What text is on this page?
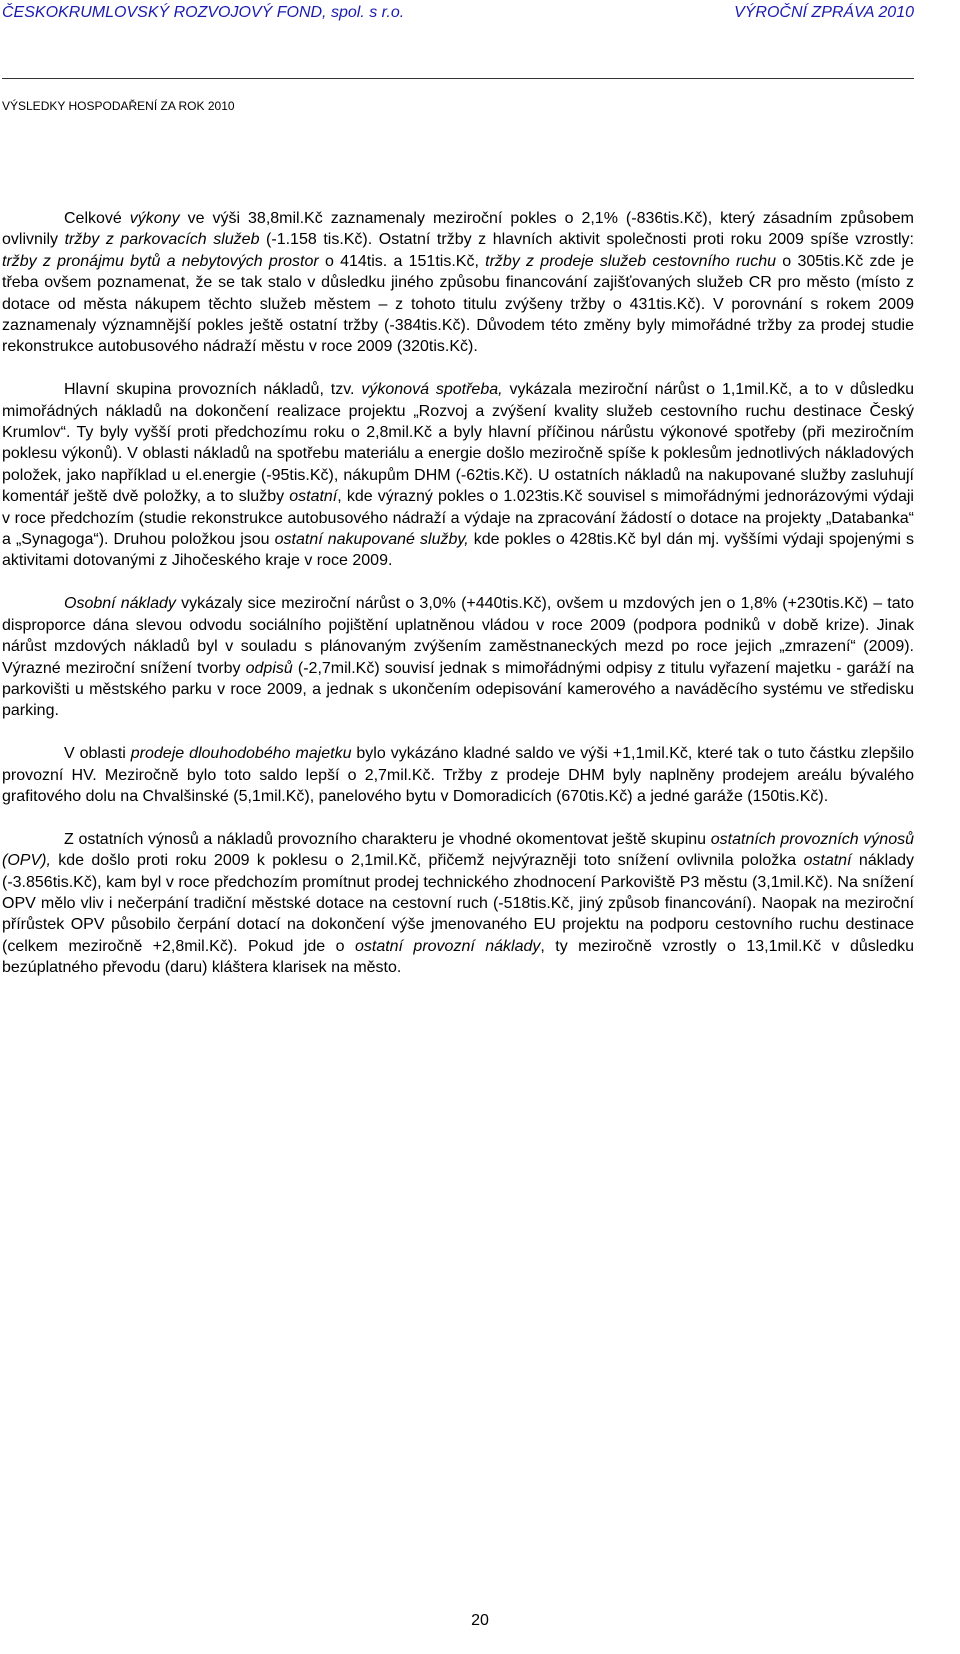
ČESKOKRUMLOVSKÝ ROZVOJOVÝ FOND, spol. s r.o.	VÝROČNÍ ZPRÁVA 2010
VÝSLEDKY HOSPODAŘENÍ ZA ROK 2010

Celkové výkony ve výši 38,8mil.Kč zaznamenaly meziroční pokles o 2,1% (-836tis.Kč), který zásadním způsobem ovlivnily tržby z parkovacích služeb (-1.158 tis.Kč). Ostatní tržby z hlavních aktivit společnosti proti roku 2009 spíše vzrostly: tržby z pronájmu bytů a nebytových prostor o 414tis. a 151tis.Kč, tržby z prodeje služeb cestovního ruchu o 305tis.Kč zde je třeba ovšem poznamenat, že se tak stalo v důsledku jiného způsobu financování zajišťovaných služeb CR pro město (místo z dotace od města nákupem těchto služeb městem – z tohoto titulu zvýšeny tržby o 431tis.Kč). V porovnání s rokem 2009 zaznamenaly významnější pokles ještě ostatní tržby (-384tis.Kč). Důvodem této změny byly mimořádné tržby za prodej studie rekonstrukce autobusového nádraží městu v roce 2009 (320tis.Kč).

Hlavní skupina provozních nákladů, tzv. výkonová spotřeba, vykázala meziroční nárůst o 1,1mil.Kč, a to v důsledku mimořádných nákladů na dokončení realizace projektu „Rozvoj a zvýšení kvality služeb cestovního ruchu destinace Český Krumlov“. Ty byly vyšší proti předchozímu roku o 2,8mil.Kč a byly hlavní příčinou nárůstu výkonové spotřeby (při meziročním poklesu výkonů). V oblasti nákladů na spotřebu materiálu a energie došlo meziročně spíše k poklesům jednotlivých nákladových položek, jako například u el.energie (-95tis.Kč), nákupům DHM (-62tis.Kč). U ostatních nákladů na nakupované služby zasluhují komentář ještě dvě položky, a to služby ostatní, kde výrazný pokles o 1.023tis.Kč souvisel s mimořádnými jednorázovými výdaji v roce předchozím (studie rekonstrukce autobusového nádraží a výdaje na zpracování žádostí o dotace na projekty „Databanka“ a „Synagoga“). Druhou položkou jsou ostatní nakupované služby, kde pokles o 428tis.Kč byl dán mj. vyššími výdaji spojenými s aktivitami dotovanými z Jihočeského kraje v roce 2009.

Osobní náklady vykázaly sice meziroční nárůst o 3,0% (+440tis.Kč), ovšem u mzdových jen o 1,8% (+230tis.Kč) – tato disproporce dána slevou odvodu sociálního pojištění uplatněnou vládou v roce 2009 (podpora podniků v době krize). Jinak nárůst mzdových nákladů byl v souladu s plánovaným zvýšením zaměstnaneckých mezd po roce jejich „zmrazení“ (2009). Výrazné meziroční snížení tvorby odpisů (-2,7mil.Kč) souvisí jednak s mimořádnými odpisy z titulu vyřazení majetku - garáží na parkovišti u městského parku v roce 2009, a jednak s ukončením odepisování kamerového a naváděcího systému ve středisku parking.

V oblasti prodeje dlouhodobého majetku bylo vykázáno kladné saldo ve výši +1,1mil.Kč, které tak o tuto částku zlepšilo provozní HV. Meziročně bylo toto saldo lepší o 2,7mil.Kč. Tržby z prodeje DHM byly naplněny prodejem areálu bývalého grafitového dolu na Chvalšinské (5,1mil.Kč), panelového bytu v Domoradicích (670tis.Kč) a jedné garáže (150tis.Kč).

Z ostatních výnosů a nákladů provozního charakteru je vhodné okomentovat ještě skupinu ostatních provozních výnosů (OPV), kde došlo proti roku 2009 k poklesu o 2,1mil.Kč, přičemž nejvýrazněji toto snížení ovlivnila položka ostatní náklady (-3.856tis.Kč), kam byl v roce předchozím promítnut prodej technického zhodnocení Parkoviště P3 městu (3,1mil.Kč). Na snížení OPV mělo vliv i nečerpání tradiční městské dotace na cestovní ruch (-518tis.Kč, jiný způsob financování). Naopak na meziroční přírůstek OPV působilo čerpání dotací na dokončení výše jmenovaného EU projektu na podporu cestovního ruchu destinace (celkem meziročně +2,8mil.Kč). Pokud jde o ostatní provozní náklady, ty meziročně vzrostly o 13,1mil.Kč v důsledku bezúplatného převodu (daru) kláštera klarisek na město.

20
